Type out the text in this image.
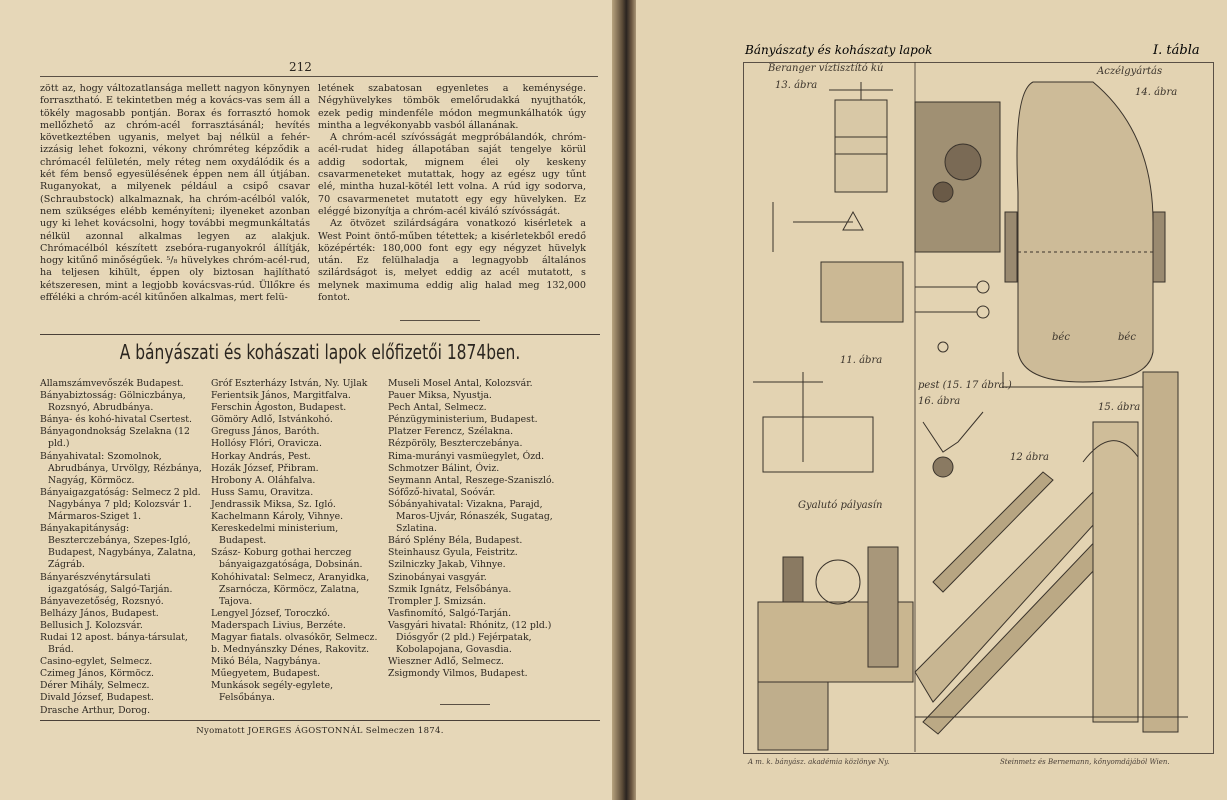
212

zött az, hogy változatlansága mellett nagyon könynyen forrasztható. E tekintetben még a kovács-vas sem áll a tökély magosabb pontján. Borax és forrasztó homok mellőzhető az chróm-acél forrasztásánál; hevítés következtében ugyanis, melyet baj nélkül a fehér-izzásig lehet fokozni, vékony chrómréteg képződik a chrómacél felületén, mely réteg nem oxydálódik és a két fém benső egyesülésének éppen nem áll útjában. Ruganyokat, a milyenek például a csipő csavar (Schraubstock) alkalmaznak, ha chróm-acélból valók, nem szükséges elébb keményíteni; ilyeneket azonban ugy ki lehet kovácsolni, hogy további megmunkáltatás nélkül azonnal alkalmas legyen az alakjuk. Chrómacélból készített zsebóra-ruganyokról állítják, hogy kitűnő minőségűek. ⁵/₈ hüvelykes chróm-acél-rud, ha teljesen kihült, éppen oly biztosan hajlítható kétszeresen, mint a legjobb kovácsvas-rúd. Üllőkre és efféléki a chróm-acél kitűnően alkalmas, mert felü-

letének szabatosan egyenletes a keménysége. Négyhüvelykes tömbök emelőrudakká nyujthatók, ezek pedig mindenféle módon megmunkálhatók úgy mintha a legvékonyabb vasból állanának.

A chróm-acél szívósságát megpróbálandók, chróm-acél-rudat hideg állapotában saját tengelye körül addig sodortak, mignem élei oly keskeny csavarmeneteket mutattak, hogy az egész ugy tűnt elé, mintha huzal-kötél lett volna. A rúd igy sodorva, 70 csavarmenetet mutatott egy egy hüvelyken. Ez eléggé bizonyítja a chróm-acél kiváló szívósságát.

Az ötvözet szilárdságára vonatkozó kisérletek a West Point öntő-műben tétettek; a kisérletekből eredő középérték: 180,000 font egy egy négyzet hüvelyk után. Ez felülhaladja a legnagyobb általános szilárdságot is, melyet eddig az acél mutatott, s melynek maximuma eddig alig halad meg 132,000 fontot.

A bányászati és kohászati lapok előfizetői 1874ben.
Allamszámvevőszék Budapest.
Bányabiztosság: Gölniczbánya, Rozsnyó, Abrudbánya.
Bánya- és kohó-hivatal Csertest.
Bányagondnokság Szelakna (12 pld.)
Bányahivatal: Szomolnok, Abrudbánya, Urvölgy, Rézbánya, Nagyág, Körmöcz.
Bányaigazgatóság: Selmecz 2 pld. Nagybánya 7 pld; Kolozsvár 1. Mármaros-Sziget 1.
Bányakapitányság: Beszterczebánya, Szepes-Igló, Budapest, Nagybánya, Zalatna, Zágráb.
Bányarészvénytársulati igazgatóság, Salgó-Tarján.
Bányavezetőség, Rozsnyó.
Belházy János, Budapest.
Bellusich J. Kolozsvár.
Rudai 12 apost. bánya-társulat, Brád.
Casino-egylet, Selmecz.
Czimeg János, Körmöcz.
Dérer Mihály, Selmecz.
Divald József, Budapest.
Drasche Arthur, Dorog.
Gróf Eszterházy István, Ny. Ujlak
Ferientsik János, Margitfalva.
Ferschin Ágoston, Budapest.
Gömöry Adlő, Istvánkohó.
Greguss János, Baróth.
Hollósy Flóri, Oravicza.
Horkay András, Pest.
Hozák József, Přibram.
Hrobony A. Oláhfalva.
Huss Samu, Oravitza.
Jendrassik Miksa, Sz. Igló.
Kachelmann Károly, Vihnye.
Kereskedelmi ministerium, Budapest.
Szász- Koburg gothai herczeg bányaigazgatósága, Dobsinán.
Kohóhivatal: Selmecz, Aranyidka, Zsarnócza, Körmöcz, Zalatna, Tajova.
Lengyel József, Toroczkó.
Maderspach Livius, Berzéte.
Magyar fiatals. olvasókör, Selmecz.
b. Mednyánszky Dénes, Rakovitz.
Mikó Béla, Nagybánya.
Műegyetem, Budapest.
Munkások segély-egylete, Felsőbánya.
Museli Mosel Antal, Kolozsvár.
Pauer Miksa, Nyustja.
Pech Antal, Selmecz.
Pénzügyministerium, Budapest.
Platzer Ferencz, Szélakna.
Rézpöröly, Beszterczebánya.
Rima-murányi vasmüegylet, Ózd.
Schmotzer Bálint, Óviz.
Seymann Antal, Reszege-Szaniszló.
Sófőző-hivatal, Soóvár.
Sóbányahivatal: Vizakna, Parajd, Maros-Ujvár, Rónaszék, Sugatag, Szlatina.
Báró Splény Béla, Budapest.
Steinhausz Gyula, Feistritz.
Szilniczky Jakab, Vihnye.
Szinobányai vasgyár.
Szmik Ignátz, Felsőbánya.
Trompler J. Smizsán.
Vasfinomító, Salgó-Tarján.
Vasgyári hivatal: Rhónitz, (12 pld.) Diósgyőr (2 pld.) Fejérpatak, Kobolapojana, Govasdia.
Wieszner Adlő, Selmecz.
Zsigmondy Vilmos, Budapest.
Nyomatott JOERGES ÁGOSTONNÁL Selmeczen 1874.
Bányászaty és kohászaty lapok	I. tábla
Beranger víztisztító kú	Aczélgyártás
13. ábra
14. ábra
11. ábra
pest (15. 17 ábra.)
16. ábra
15. ábra
12 ábra
Gyalutó pályasín
béc	béc
A m. k. bányász. akadémia közlönye Ny.	Steinmetz és Bernemann, kőnyomdájából Wien.
